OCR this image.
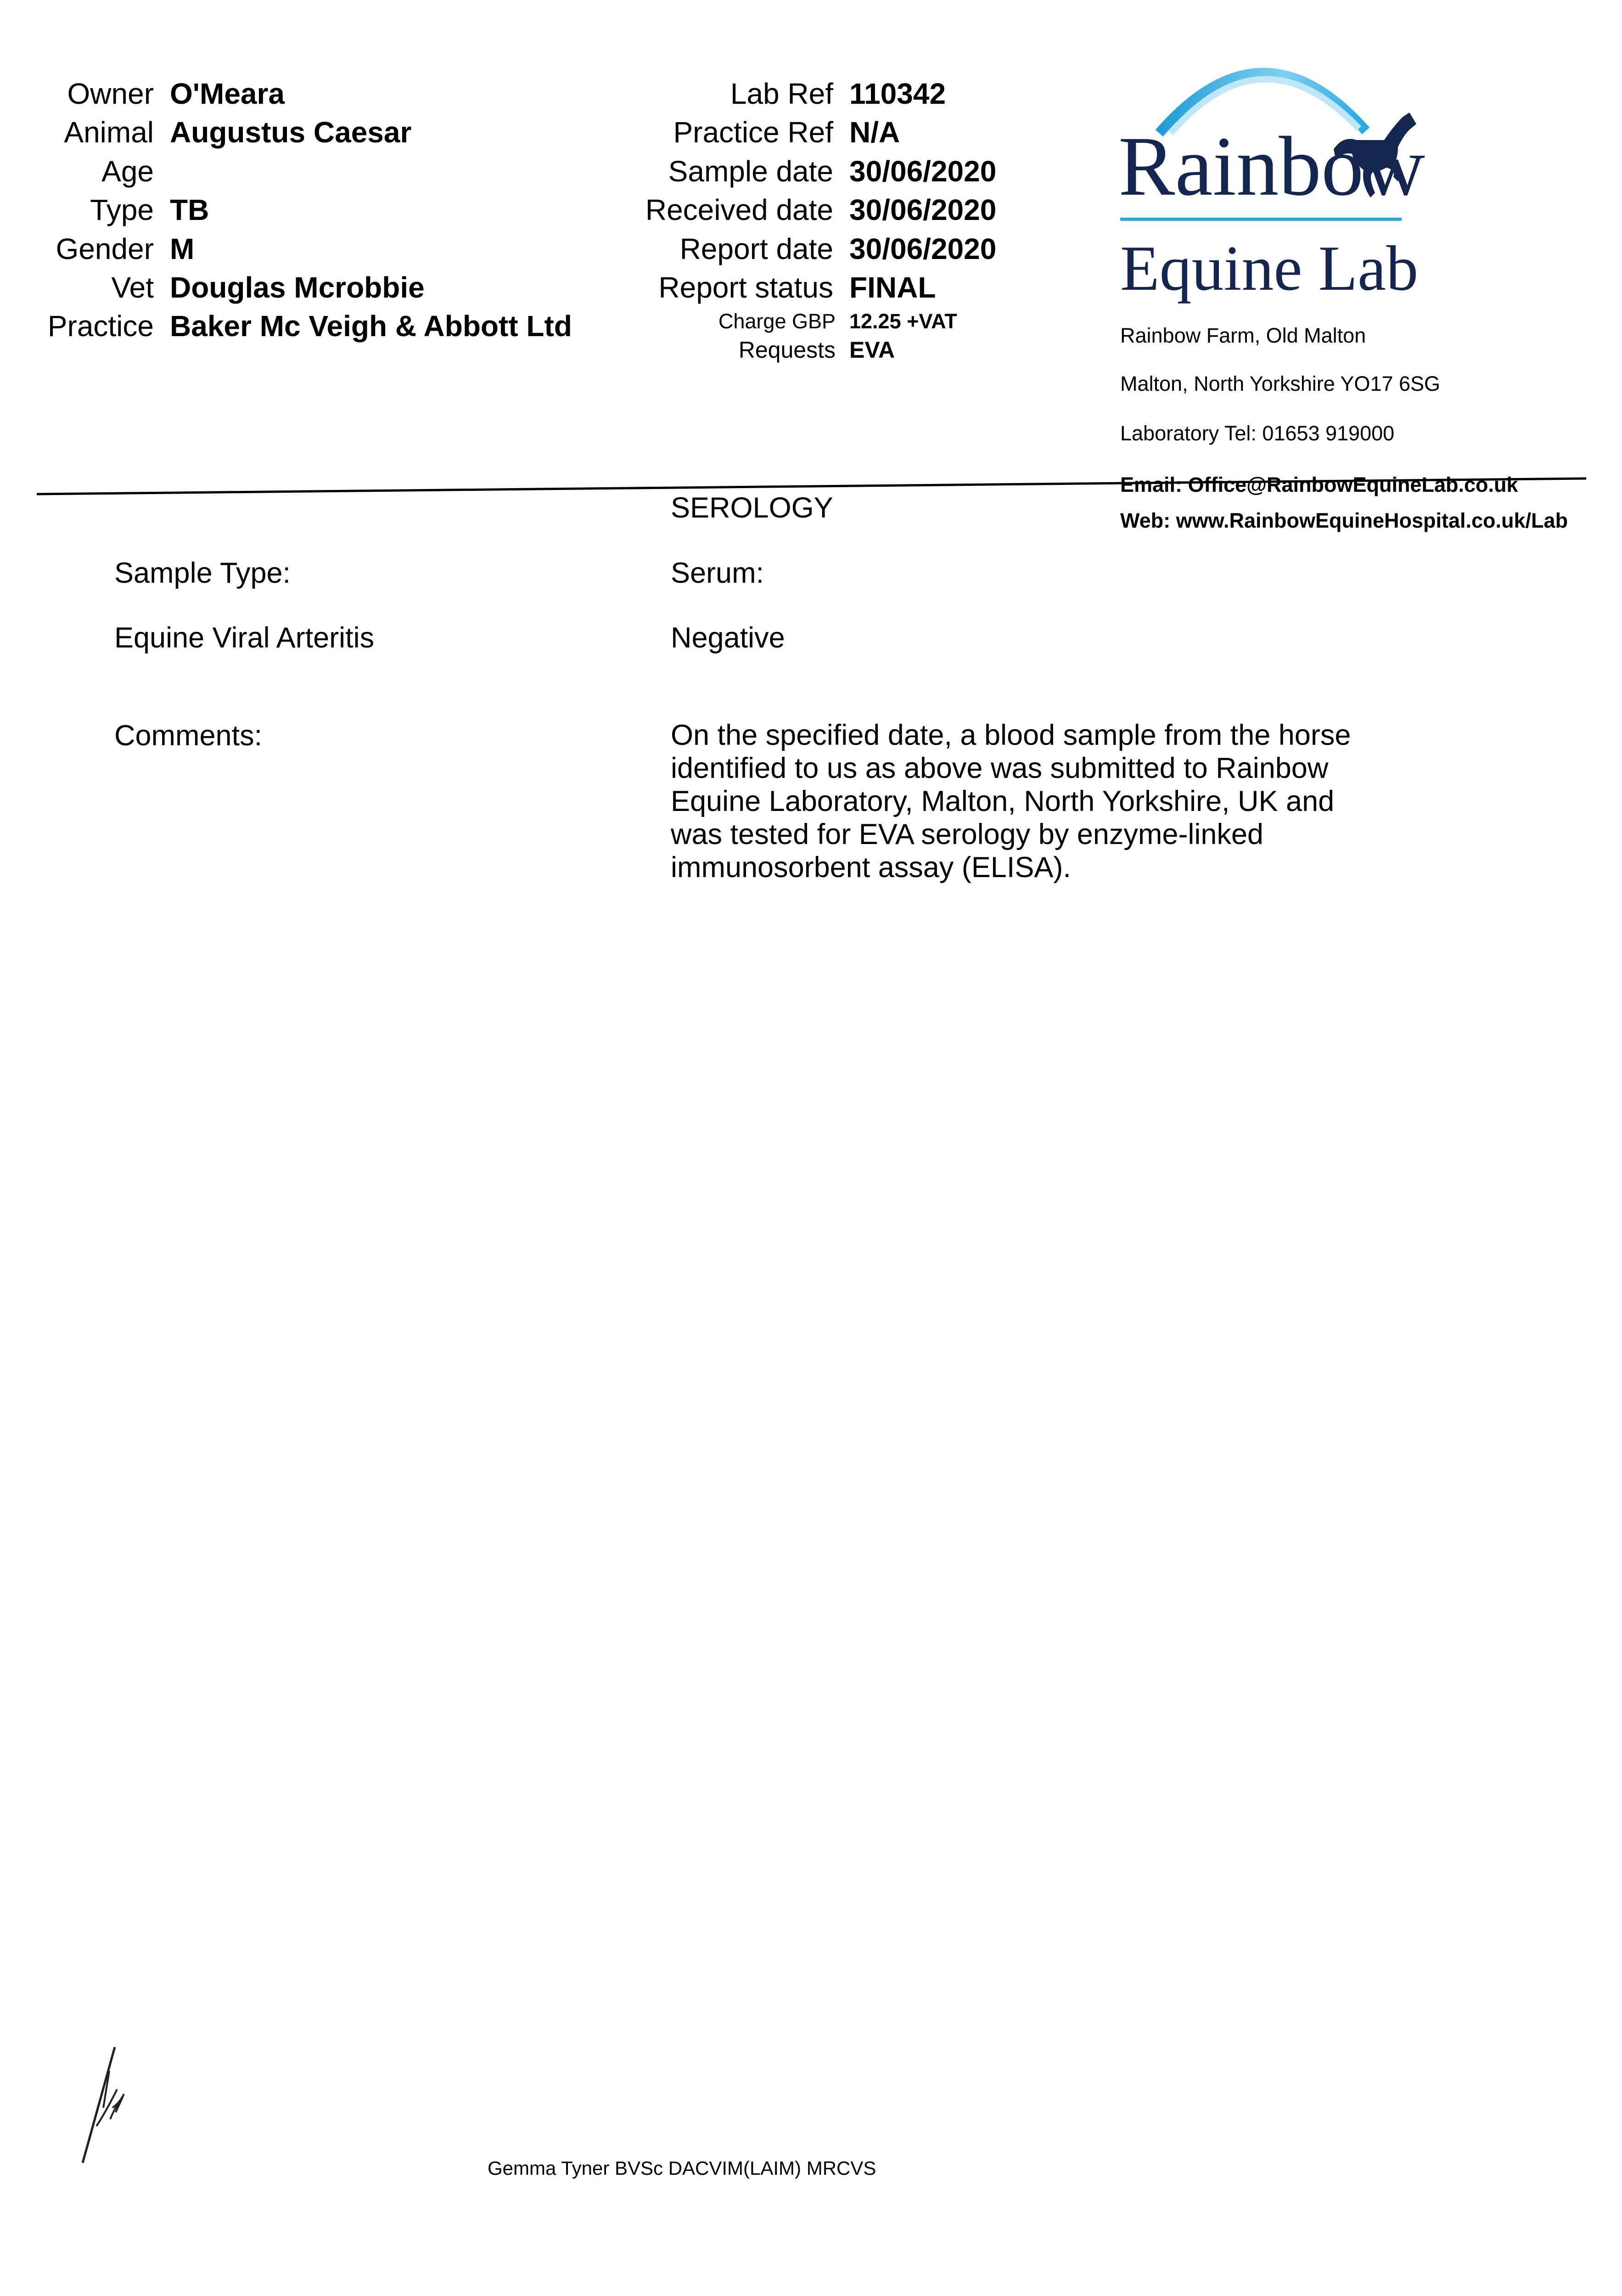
Owner O'Meara
Animal Augustus Caesar
Age
Type TB
Gender M
Vet Douglas Mcrobbie
Practice Baker Mc Veigh & Abbott Ltd
Lab Ref 110342
Practice Ref N/A
Sample date 30/06/2020
Received date 30/06/2020
Report date 30/06/2020
Report status FINAL
Charge GBP 12.25 +VAT
Requests EVA
Rainbow
Equine Lab
Rainbow Farm, Old Malton
Malton, North Yorkshire YO17 6SG
Laboratory Tel: 01653 919000
Email: Office@RainbowEquineLab.co.uk
Web: www.RainbowEquineHospital.co.uk/Lab
SEROLOGY
Sample Type:	Serum:
Equine Viral Arteritis	Negative
Comments:	On the specified date, a blood sample from the horse
identified to us as above was submitted to Rainbow
Equine Laboratory, Malton, North Yorkshire, UK and
was tested for EVA serology by enzyme-linked
immunosorbent assay (ELISA).
Gemma Tyner BVSc DACVIM(LAIM) MRCVS
